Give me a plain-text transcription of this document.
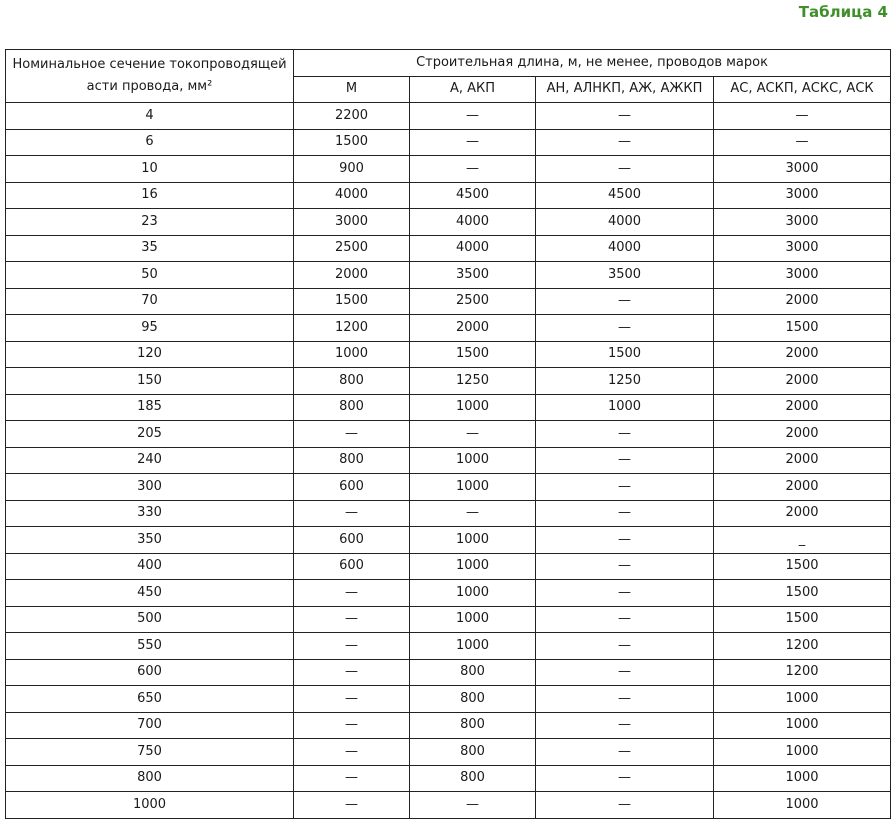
Таблица 4

Номинальное сечение токопроводящей асти провода, мм²	Строительная длина, м, не менее, проводов марок			
	М	А, АКП	АН, АЛНКП, АЖ, АЖКП	АС, АСКП, АСКС, АСК
4	2200	—	—	—
6	1500	—	—	—
10	900	—	—	3000
16	4000	4500	4500	3000
23	3000	4000	4000	3000
35	2500	4000	4000	3000
50	2000	3500	3500	3000
70	1500	2500	—	2000
95	1200	2000	—	1500
120	1000	1500	1500	2000
150	800	1250	1250	2000
185	800	1000	1000	2000
205	—	—	—	2000
240	800	1000	—	2000
300	600	1000	—	2000
330	—	—	—	2000
350	600	1000	—	_
400	600	1000	—	1500
450	—	1000	—	1500
500	—	1000	—	1500
550	—	1000	—	1200
600	—	800	—	1200
650	—	800	—	1000
700	—	800	—	1000
750	—	800	—	1000
800	—	800	—	1000
1000	—	—	—	1000
